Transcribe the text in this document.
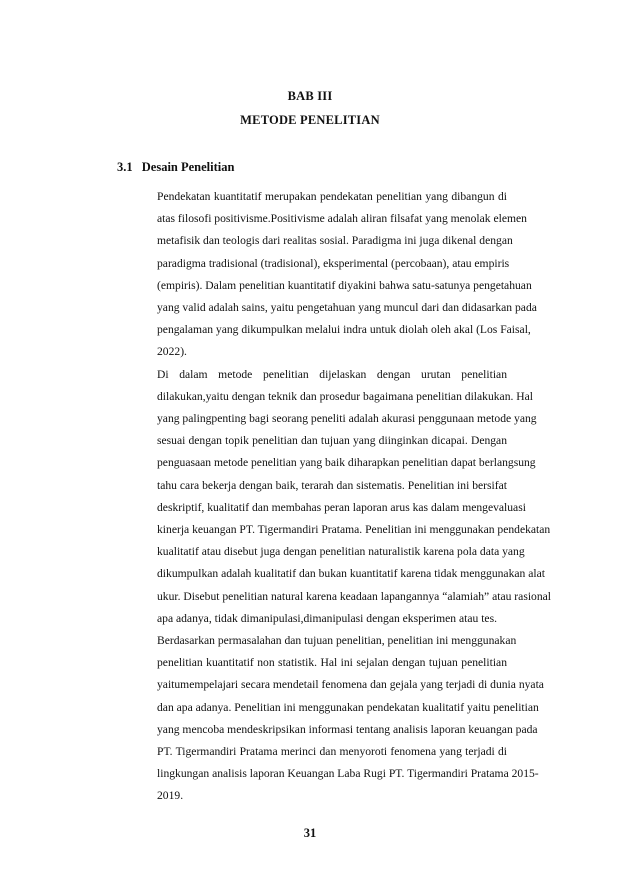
BAB III
METODE PENELITIAN
3.1 Desain Penelitian
Pendekatan kuantitatif merupakan pendekatan penelitian yang dibangun di
atas filosofi positivisme.Positivisme adalah aliran filsafat yang menolak elemen
metafisik dan teologis dari realitas sosial. Paradigma ini juga dikenal dengan
paradigma tradisional (tradisional), eksperimental (percobaan), atau empiris
(empiris). Dalam penelitian kuantitatif diyakini bahwa satu-satunya pengetahuan
yang valid adalah sains, yaitu pengetahuan yang muncul dari dan didasarkan pada
pengalaman yang dikumpulkan melalui indra untuk diolah oleh akal (Los Faisal,
2022).
Di dalam metode penelitian dijelaskan dengan urutan penelitian
dilakukan,yaitu dengan teknik dan prosedur bagaimana penelitian dilakukan. Hal
yang palingpenting bagi seorang peneliti adalah akurasi penggunaan metode yang
sesuai dengan topik penelitian dan tujuan yang diinginkan dicapai. Dengan
penguasaan metode penelitian yang baik diharapkan penelitian dapat berlangsung
tahu cara bekerja dengan baik, terarah dan sistematis. Penelitian ini bersifat
deskriptif, kualitatif dan membahas peran laporan arus kas dalam mengevaluasi
kinerja keuangan PT. Tigermandiri Pratama. Penelitian ini menggunakan pendekatan
kualitatif atau disebut juga dengan penelitian naturalistik karena pola data yang
dikumpulkan adalah kualitatif dan bukan kuantitatif karena tidak menggunakan alat
ukur. Disebut penelitian natural karena keadaan lapangannya “alamiah” atau rasional
apa adanya, tidak dimanipulasi,dimanipulasi dengan eksperimen atau tes.
Berdasarkan permasalahan dan tujuan penelitian, penelitian ini menggunakan
penelitian kuantitatif non statistik. Hal ini sejalan dengan tujuan penelitian
yaitumempelajari secara mendetail fenomena dan gejala yang terjadi di dunia nyata
dan apa adanya. Penelitian ini menggunakan pendekatan kualitatif yaitu penelitian
yang mencoba mendeskripsikan informasi tentang analisis laporan keuangan pada
PT. Tigermandiri Pratama merinci dan menyoroti fenomena yang terjadi di
lingkungan analisis laporan Keuangan Laba Rugi PT. Tigermandiri Pratama 2015-
2019.
31
